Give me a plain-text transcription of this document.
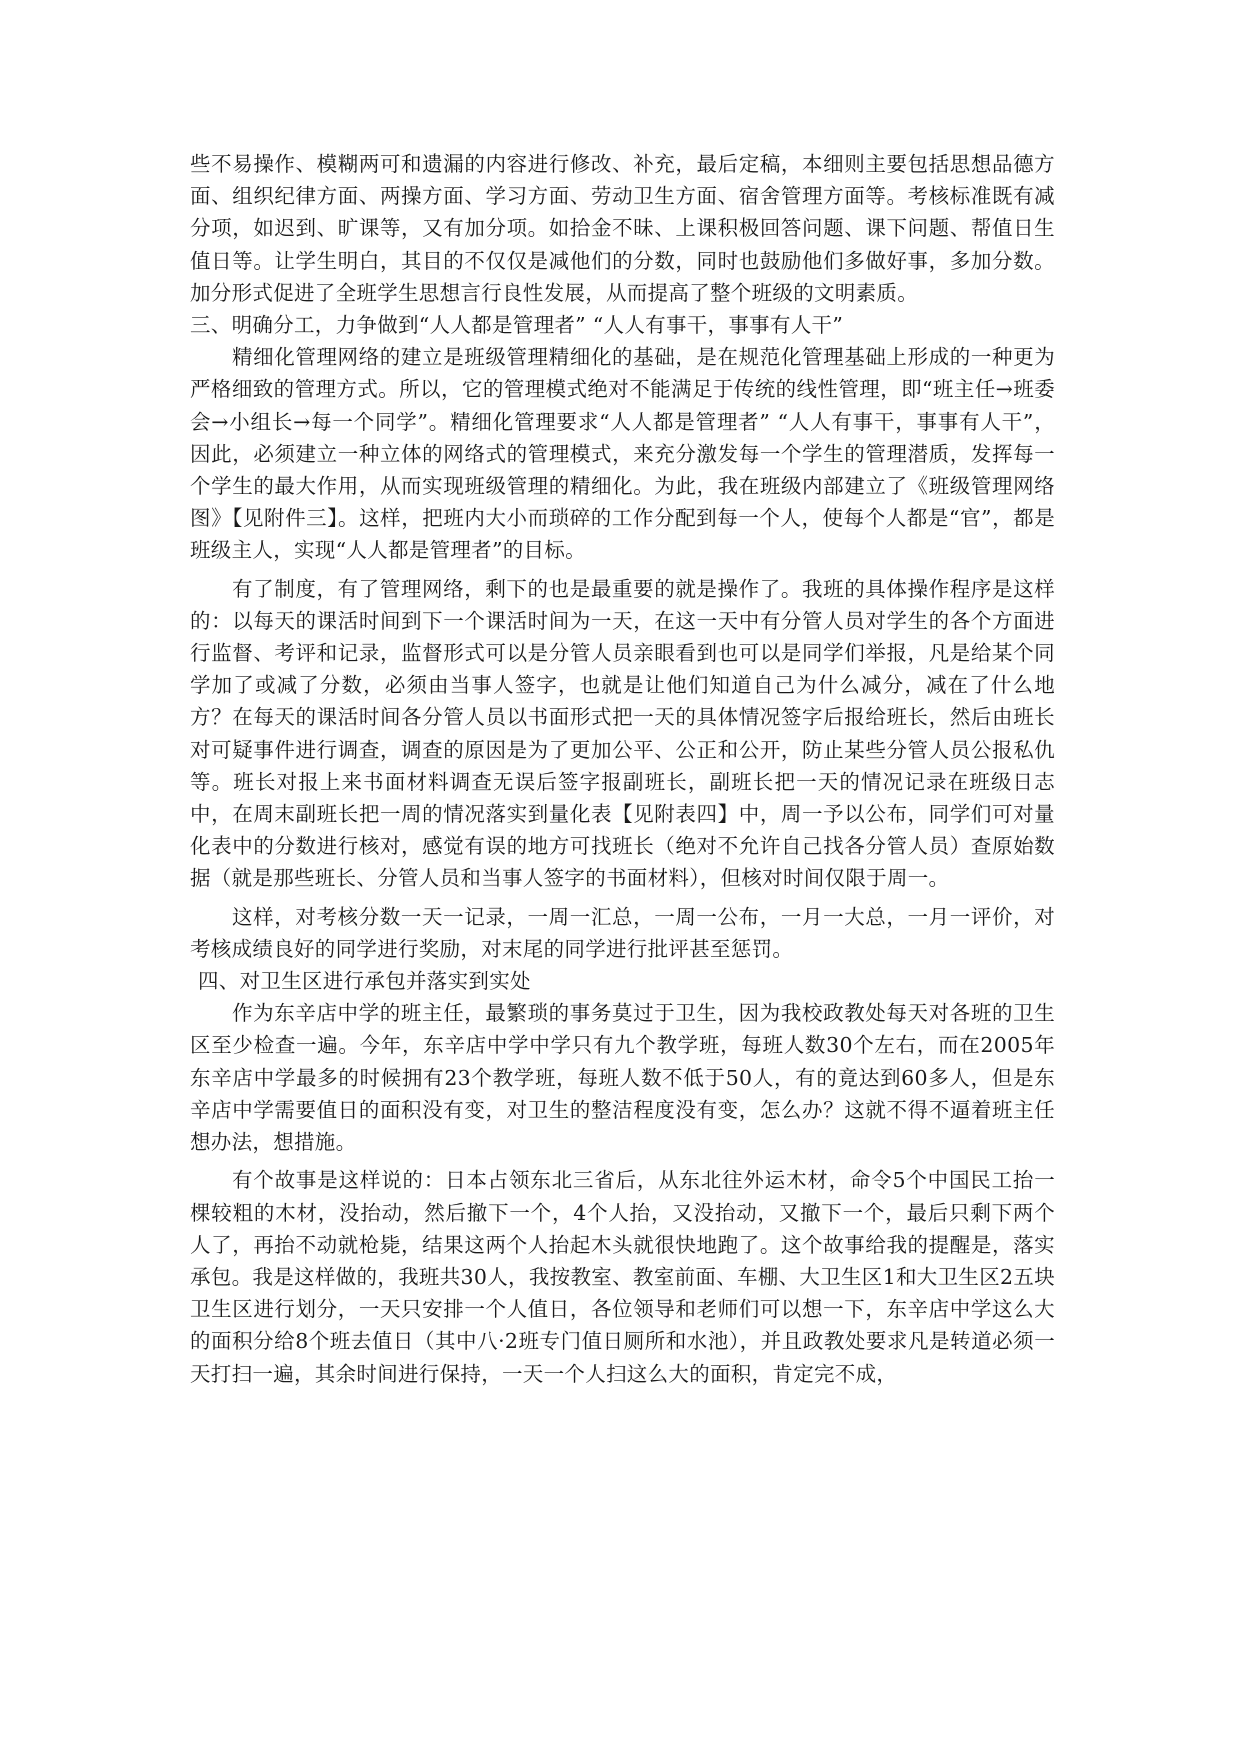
些不易操作、模糊两可和遗漏的内容进行修改、补充，最后定稿，本细则主要包括思想品德方面、组织纪律方面、两操方面、学习方面、劳动卫生方面、宿舍管理方面等。考核标准既有减分项，如迟到、旷课等，又有加分项。如拾金不昧、上课积极回答问题、课下问题、帮值日生值日等。让学生明白，其目的不仅仅是减他们的分数，同时也鼓励他们多做好事，多加分数。加分形式促进了全班学生思想言行良性发展，从而提高了整个班级的文明素质。

三、明确分工，力争做到“人人都是管理者” “人人有事干，事事有人干”

精细化管理网络的建立是班级管理精细化的基础，是在规范化管理基础上形成的一种更为严格细致的管理方式。所以，它的管理模式绝对不能满足于传统的线性管理，即“班主任→班委会→小组长→每一个同学”。精细化管理要求“人人都是管理者” “人人有事干，事事有人干”，因此，必须建立一种立体的网络式的管理模式，来充分激发每一个学生的管理潜质，发挥每一个学生的最大作用，从而实现班级管理的精细化。为此，我在班级内部建立了《班级管理网络图》【见附件三】。这样，把班内大小而琐碎的工作分配到每一个人，使每个人都是“官”，都是班级主人，实现“人人都是管理者”的目标。

有了制度，有了管理网络，剩下的也是最重要的就是操作了。我班的具体操作程序是这样的：以每天的课活时间到下一个课活时间为一天，在这一天中有分管人员对学生的各个方面进行监督、考评和记录，监督形式可以是分管人员亲眼看到也可以是同学们举报，凡是给某个同学加了或减了分数，必须由当事人签字，也就是让他们知道自己为什么减分，减在了什么地方？在每天的课活时间各分管人员以书面形式把一天的具体情况签字后报给班长，然后由班长对可疑事件进行调查，调查的原因是为了更加公平、公正和公开，防止某些分管人员公报私仇等。班长对报上来书面材料调查无误后签字报副班长，副班长把一天的情况记录在班级日志中，在周末副班长把一周的情况落实到量化表【见附表四】中，周一予以公布，同学们可对量化表中的分数进行核对，感觉有误的地方可找班长（绝对不允许自己找各分管人员）查原始数据（就是那些班长、分管人员和当事人签字的书面材料），但核对时间仅限于周一。

这样，对考核分数一天一记录，一周一汇总，一周一公布，一月一大总，一月一评价，对考核成绩良好的同学进行奖励，对末尾的同学进行批评甚至惩罚。

四、对卫生区进行承包并落实到实处

作为东辛店中学的班主任，最繁琐的事务莫过于卫生，因为我校政教处每天对各班的卫生区至少检查一遍。今年，东辛店中学中学只有九个教学班，每班人数30个左右，而在2005年东辛店中学最多的时候拥有23个教学班，每班人数不低于50人，有的竟达到60多人，但是东辛店中学需要值日的面积没有变，对卫生的整洁程度没有变，怎么办？这就不得不逼着班主任想办法，想措施。

有个故事是这样说的：日本占领东北三省后，从东北往外运木材，命令5个中国民工抬一棵较粗的木材，没抬动，然后撤下一个，4个人抬，又没抬动，又撤下一个，最后只剩下两个人了，再抬不动就枪毙，结果这两个人抬起木头就很快地跑了。这个故事给我的提醒是，落实承包。我是这样做的，我班共30人，我按教室、教室前面、车棚、大卫生区1和大卫生区2五块卫生区进行划分，一天只安排一个人值日，各位领导和老师们可以想一下，东辛店中学这么大的面积分给8个班去值日（其中八·2班专门值日厕所和水池），并且政教处要求凡是转道必须一天打扫一遍，其余时间进行保持，一天一个人扫这么大的面积，肯定完不成，
